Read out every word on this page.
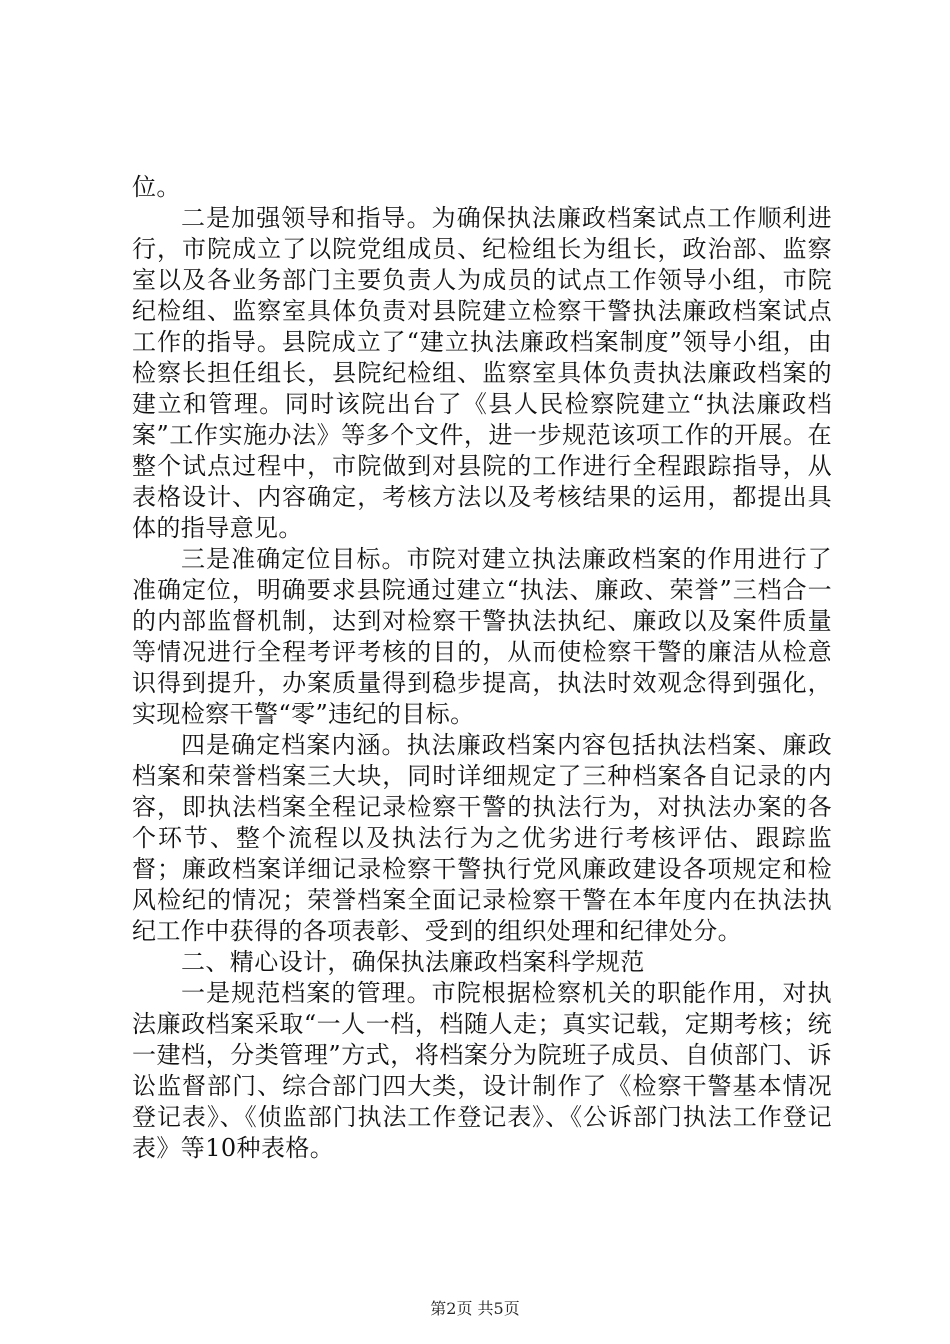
位。

二是加强领导和指导。为确保执法廉政档案试点工作顺利进行，市院成立了以院党组成员、纪检组长为组长，政治部、监察室以及各业务部门主要负责人为成员的试点工作领导小组，市院纪检组、监察室具体负责对县院建立检察干警执法廉政档案试点工作的指导。县院成立了“建立执法廉政档案制度”领导小组，由检察长担任组长，县院纪检组、监察室具体负责执法廉政档案的建立和管理。同时该院出台了《县人民检察院建立“执法廉政档案”工作实施办法》等多个文件，进一步规范该项工作的开展。在整个试点过程中，市院做到对县院的工作进行全程跟踪指导，从表格设计、内容确定，考核方法以及考核结果的运用，都提出具体的指导意见。

三是准确定位目标。市院对建立执法廉政档案的作用进行了准确定位，明确要求县院通过建立“执法、廉政、荣誉”三档合一的内部监督机制，达到对检察干警执法执纪、廉政以及案件质量等情况进行全程考评考核的目的，从而使检察干警的廉洁从检意识得到提升，办案质量得到稳步提高，执法时效观念得到强化，实现检察干警“零”违纪的目标。

四是确定档案内涵。执法廉政档案内容包括执法档案、廉政档案和荣誉档案三大块，同时详细规定了三种档案各自记录的内容，即执法档案全程记录检察干警的执法行为，对执法办案的各个环节、整个流程以及执法行为之优劣进行考核评估、跟踪监督；廉政档案详细记录检察干警执行党风廉政建设各项规定和检风检纪的情况；荣誉档案全面记录检察干警在本年度内在执法执纪工作中获得的各项表彰、受到的组织处理和纪律处分。

二、精心设计，确保执法廉政档案科学规范

一是规范档案的管理。市院根据检察机关的职能作用，对执法廉政档案采取“一人一档，档随人走；真实记载，定期考核；统一建档，分类管理”方式，将档案分为院班子成员、自侦部门、诉讼监督部门、综合部门四大类，设计制作了《检察干警基本情况登记表》、《侦监部门执法工作登记表》、《公诉部门执法工作登记表》等10种表格。

第2页 共5页
